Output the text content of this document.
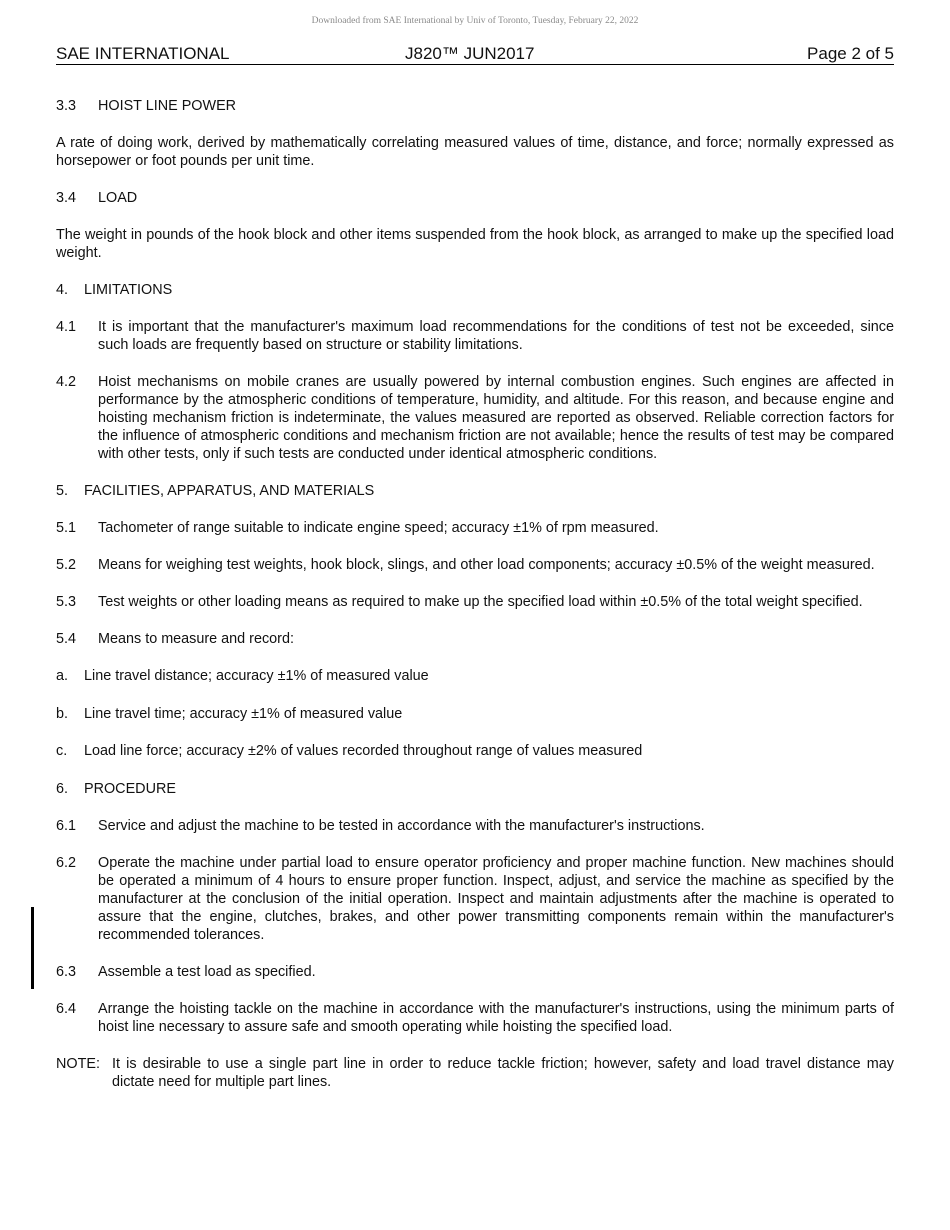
Downloaded from SAE International by Univ of Toronto, Tuesday, February 22, 2022
SAE INTERNATIONAL	J820™ JUN2017	Page 2 of 5
3.3	HOIST LINE POWER
A rate of doing work, derived by mathematically correlating measured values of time, distance, and force; normally expressed as horsepower or foot pounds per unit time.
3.4	LOAD
The weight in pounds of the hook block and other items suspended from the hook block, as arranged to make up the specified load weight.
4.	LIMITATIONS
4.1	It is important that the manufacturer's maximum load recommendations for the conditions of test not be exceeded, since such loads are frequently based on structure or stability limitations.
4.2	Hoist mechanisms on mobile cranes are usually powered by internal combustion engines. Such engines are affected in performance by the atmospheric conditions of temperature, humidity, and altitude. For this reason, and because engine and hoisting mechanism friction is indeterminate, the values measured are reported as observed. Reliable correction factors for the influence of atmospheric conditions and mechanism friction are not available; hence the results of test may be compared with other tests, only if such tests are conducted under identical atmospheric conditions.
5.	FACILITIES, APPARATUS, AND MATERIALS
5.1	Tachometer of range suitable to indicate engine speed; accuracy ±1% of rpm measured.
5.2	Means for weighing test weights, hook block, slings, and other load components; accuracy ±0.5% of the weight measured.
5.3	Test weights or other loading means as required to make up the specified load within ±0.5% of the total weight specified.
5.4	Means to measure and record:
a.	Line travel distance; accuracy ±1% of measured value
b.	Line travel time; accuracy ±1% of measured value
c.	Load line force; accuracy ±2% of values recorded throughout range of values measured
6.	PROCEDURE
6.1	Service and adjust the machine to be tested in accordance with the manufacturer's instructions.
6.2	Operate the machine under partial load to ensure operator proficiency and proper machine function. New machines should be operated a minimum of 4 hours to ensure proper function. Inspect, adjust, and service the machine as specified by the manufacturer at the conclusion of the initial operation. Inspect and maintain adjustments after the machine is operated to assure that the engine, clutches, brakes, and other power transmitting components remain within the manufacturer's recommended tolerances.
6.3	Assemble a test load as specified.
6.4	Arrange the hoisting tackle on the machine in accordance with the manufacturer's instructions, using the minimum parts of hoist line necessary to assure safe and smooth operating while hoisting the specified load.
NOTE: It is desirable to use a single part line in order to reduce tackle friction; however, safety and load travel distance may dictate need for multiple part lines.
